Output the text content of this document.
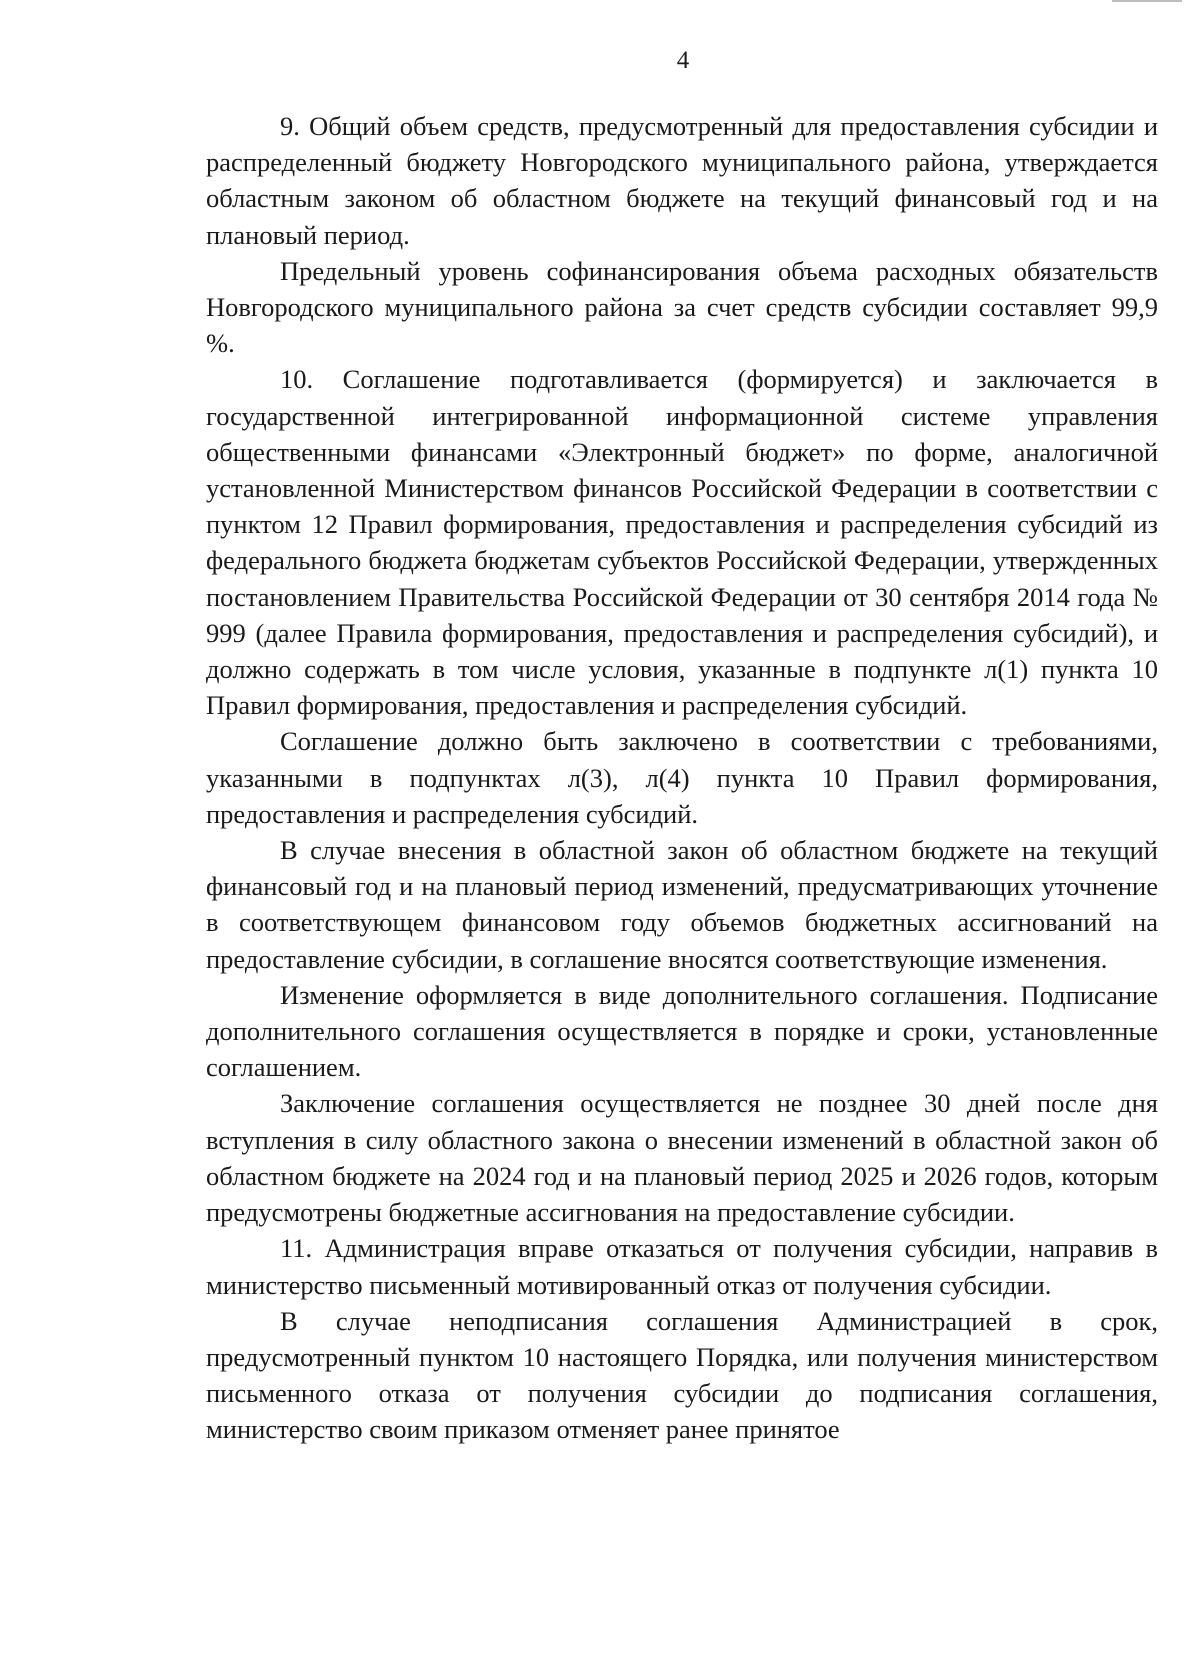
4

9. Общий объем средств, предусмотренный для предоставления субсидии и распределенный бюджету Новгородского муниципального района, утверждается областным законом об областном бюджете на текущий финансовый год и на плановый период.

Предельный уровень софинансирования объема расходных обязательств Новгородского муниципального района за счет средств субсидии составляет 99,9 %.

10. Соглашение подготавливается (формируется) и заключается в государственной интегрированной информационной системе управления общественными финансами «Электронный бюджет» по форме, аналогичной установленной Министерством финансов Российской Федерации в соответствии с пунктом 12 Правил формирования, предоставления и распределения субсидий из федерального бюджета бюджетам субъектов Российской Федерации, утвержденных постановлением Правительства Российской Федерации от 30 сентября 2014 года № 999 (далее Правила формирования, предоставления и распределения субсидий), и должно содержать в том числе условия, указанные в подпункте л(1) пункта 10 Правил формирования, предоставления и распределения субсидий.

Соглашение должно быть заключено в соответствии с требованиями, указанными в подпунктах л(3), л(4) пункта 10 Правил формирования, предоставления и распределения субсидий.

В случае внесения в областной закон об областном бюджете на текущий финансовый год и на плановый период изменений, предусматривающих уточнение в соответствующем финансовом году объемов бюджетных ассигнований на предоставление субсидии, в соглашение вносятся соответствующие изменения.

Изменение оформляется в виде дополнительного соглашения. Подписание дополнительного соглашения осуществляется в порядке и сроки, установленные соглашением.

Заключение соглашения осуществляется не позднее 30 дней после дня вступления в силу областного закона о внесении изменений в областной закон об областном бюджете на 2024 год и на плановый период 2025 и 2026 годов, которым предусмотрены бюджетные ассигнования на предоставление субсидии.

11. Администрация вправе отказаться от получения субсидии, направив в министерство письменный мотивированный отказ от получения субсидии.

В случае неподписания соглашения Администрацией в срок, предусмотренный пунктом 10 настоящего Порядка, или получения министерством письменного отказа от получения субсидии до подписания соглашения, министерство своим приказом отменяет ранее принятое
